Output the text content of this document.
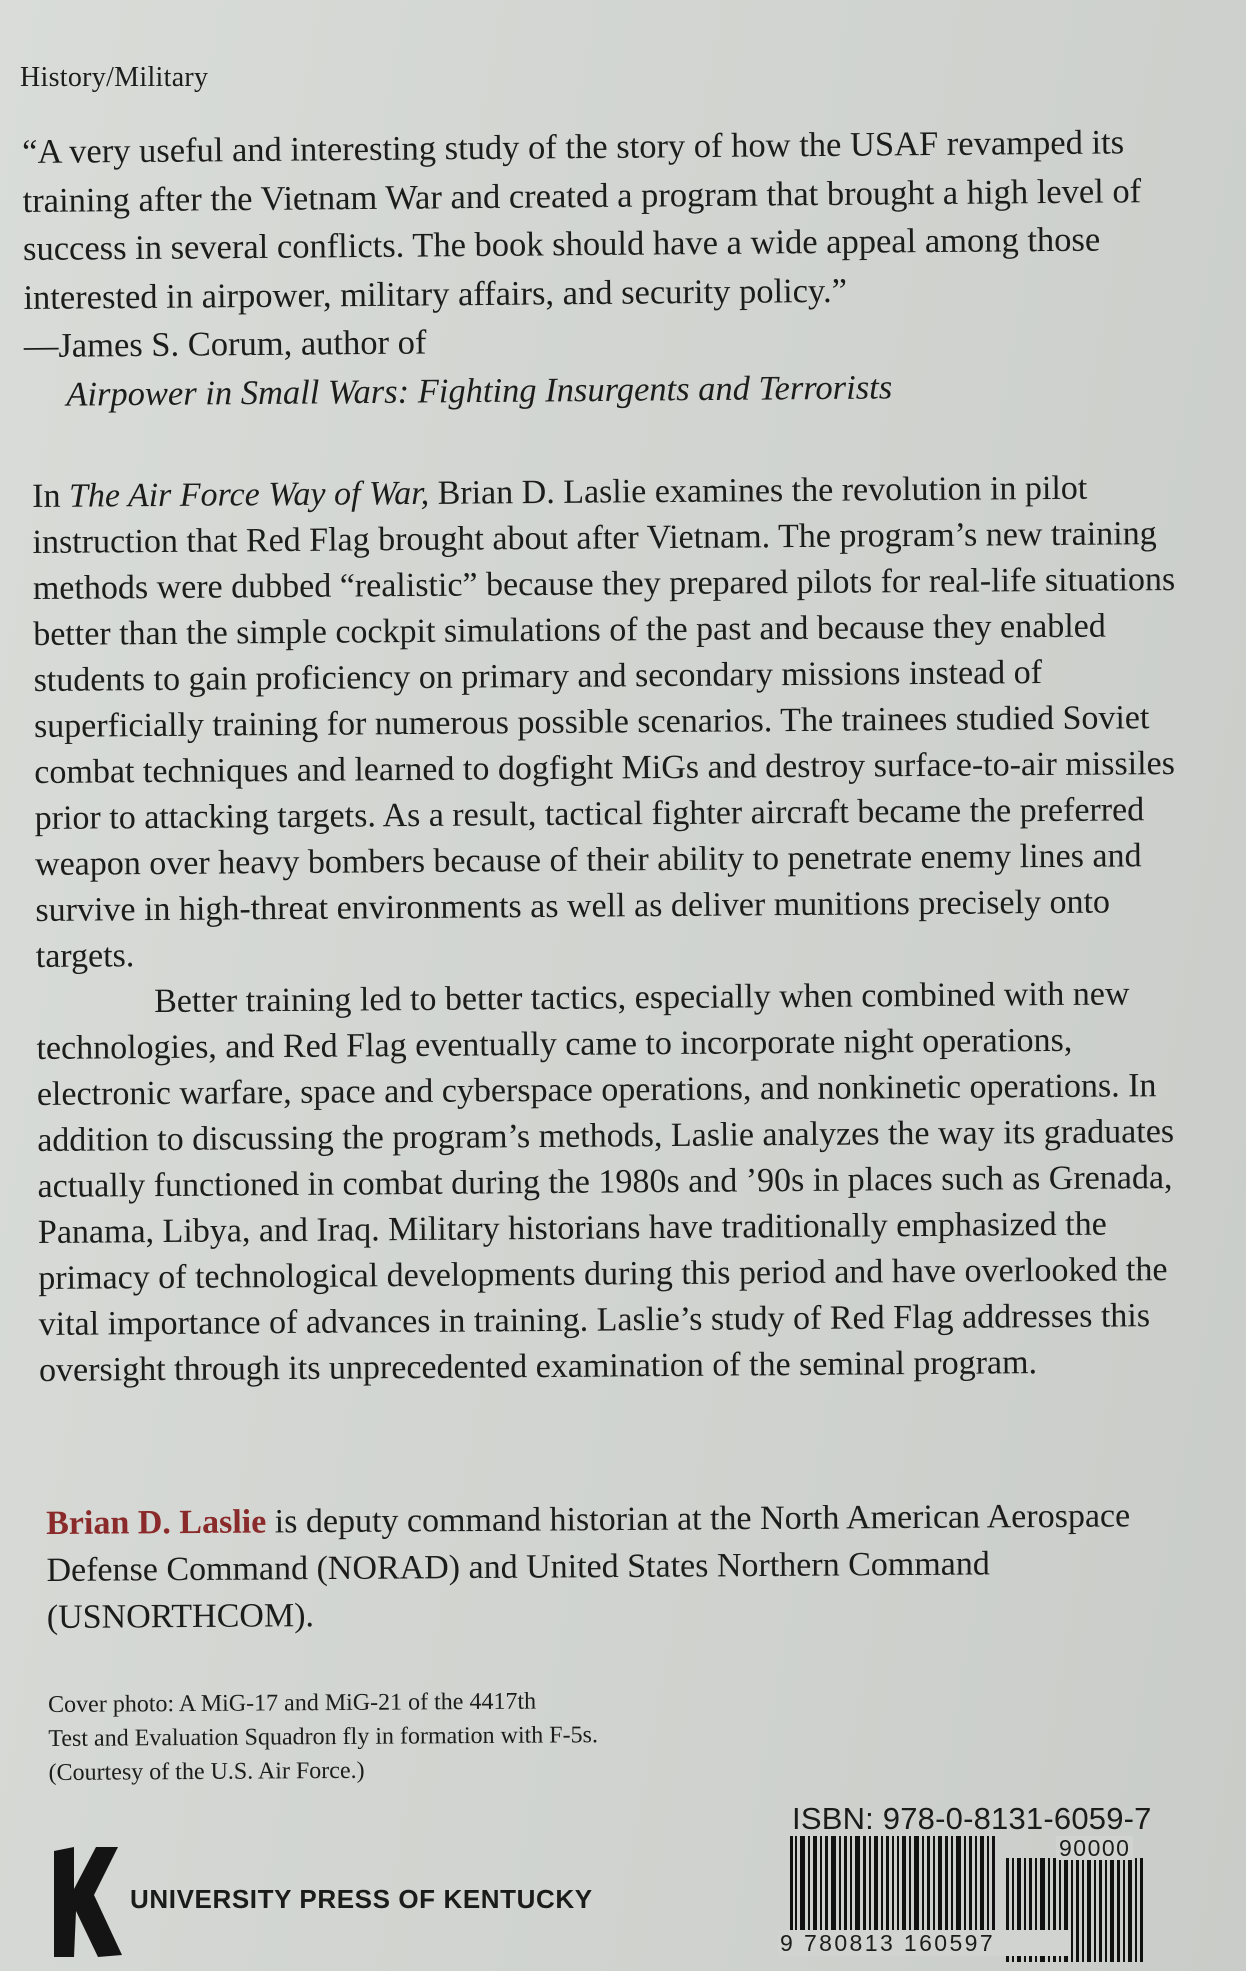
History/Military

“A very useful and interesting study of the story of how the USAF revamped its training after the Vietnam War and created a program that brought a high level of success in several conflicts. The book should have a wide appeal among those interested in airpower, military affairs, and security policy.”

—James S. Corum, author of

Airpower in Small Wars: Fighting Insurgents and Terrorists

In The Air Force Way of War, Brian D. Laslie examines the revolution in pilot instruction that Red Flag brought about after Vietnam. The program’s new training methods were dubbed “realistic” because they prepared pilots for real-life situations better than the simple cockpit simulations of the past and because they enabled students to gain proficiency on primary and secondary missions instead of superficially training for numerous possible scenarios. The trainees studied Soviet combat techniques and learned to dogfight MiGs and destroy surface-to-air missiles prior to attacking targets. As a result, tactical fighter aircraft became the preferred weapon over heavy bombers because of their ability to penetrate enemy lines and survive in high-threat environments as well as deliver munitions precisely onto targets.

Better training led to better tactics, especially when combined with new technologies, and Red Flag eventually came to incorporate night operations, electronic warfare, space and cyberspace operations, and nonkinetic operations. In addition to discussing the program’s methods, Laslie analyzes the way its graduates actually functioned in combat during the 1980s and ’90s in places such as Grenada, Panama, Libya, and Iraq. Military historians have traditionally emphasized the primacy of technological developments during this period and have overlooked the vital importance of advances in training. Laslie’s study of Red Flag addresses this oversight through its unprecedented examination of the seminal program.

Brian D. Laslie is deputy command historian at the North American Aerospace Defense Command (NORAD) and United States Northern Command (USNORTHCOM).

Cover photo: A MiG-17 and MiG-21 of the 4417th

Test and Evaluation Squadron fly in formation with F-5s.

(Courtesy of the U.S. Air Force.)

UNIVERSITY PRESS OF KENTUCKY
ISBN: 978-0-8131-6059-7
90000
9 780813 160597
